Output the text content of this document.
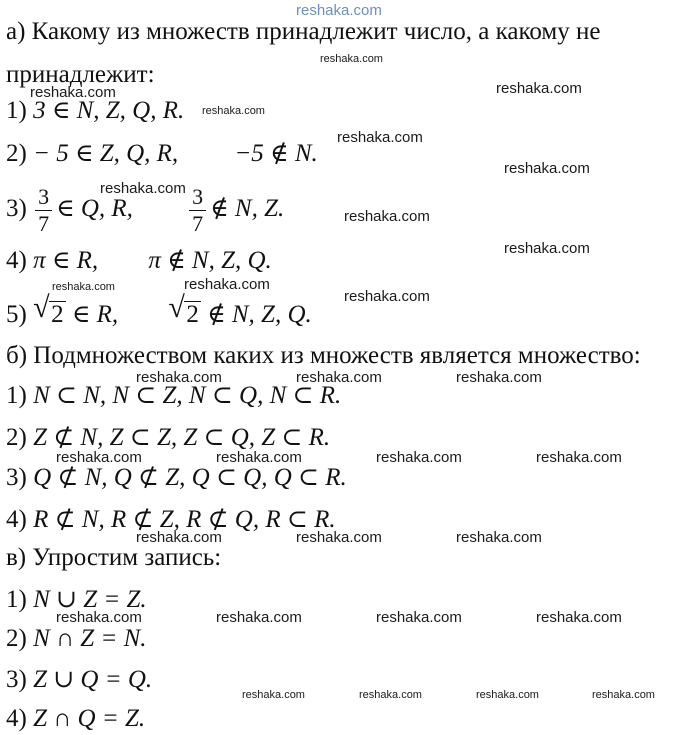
reshaka.com
reshaka.com
reshaka.com	reshaka.com
reshaka.com
reshaka.com
reshaka.com
reshaka.com
reshaka.com
reshaka.com
reshaka.com	reshaka.com
reshaka.com
reshaka.com	reshaka.com	reshaka.com
reshaka.com	reshaka.com	reshaka.com	reshaka.com
reshaka.com	reshaka.com	reshaka.com
reshaka.com	reshaka.com	reshaka.com	reshaka.com
reshaka.com	reshaka.com	reshaka.com	reshaka.com
а) Какому из множеств принадлежит число, а какому не
принадлежит:
1) 3 ∈ N, Z, Q, R.
2) − 5 ∈ Z, Q, R, −5 ∉ N.
$3) \frac{3}{7}$ ∈ Q, R,	$\frac{3}{7}$ ∉ N, Z.
4) π ∈ R, π ∉ N, Z, Q.
5) √ 2 ∈ R, √ 2 ∉ N, Z, Q.
б) Подмножеством каких из множеств является множество:
1) N ⊂ N, N ⊂ Z, N ⊂ Q, N ⊂ R.
2) Z ⊄ N, Z ⊂ Z, Z ⊂ Q, Z ⊂ R.
3) Q ⊄ N, Q ⊄ Z, Q ⊂ Q, Q ⊂ R.
4) R ⊄ N, R ⊄ Z, R ⊄ Q, R ⊂ R.
в) Упростим запись:
1) N ∪ Z = Z.
2) N ∩ Z = N.
3) Z ∪ Q = Q.
4) Z ∩ Q = Z.
